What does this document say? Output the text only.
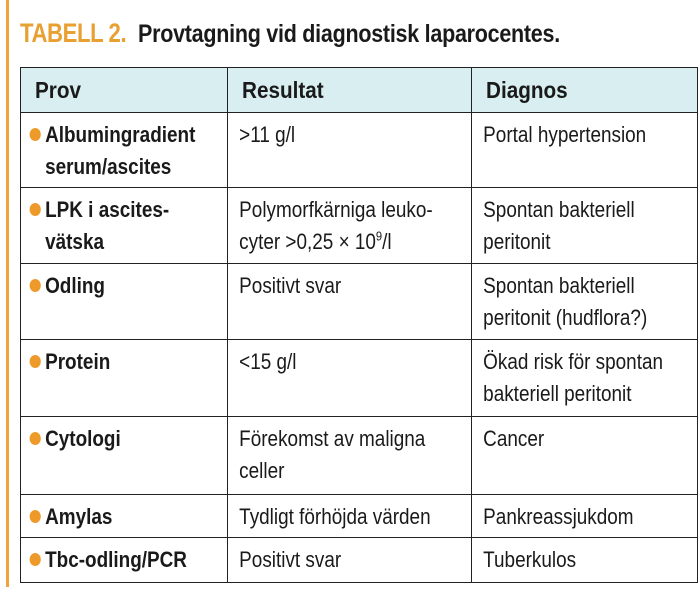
TABELL 2. Provtagning vid diagnostisk laparocentes.
Prov	Resultat	Diagnos

Albumingradient
serum/ascites	>11 g/l	Portal hypertension

LPK i ascites-
vätska	Polymorfkärniga leuko-
cyter $>0,25 \times 10^9/l$	Spontan bakteriell
peritonit

Odling	Positivt svar	Spontan bakteriell
peritonit (hudflora?)

Protein	<15 g/l	Ökad risk för spontan
bakteriell peritonit

Cytologi	Förekomst av maligna
celler	Cancer

Amylas	Tydligt förhöjda värden	Pankreassjukdom

Tbc-odling/PCR	Positivt svar	Tuberkulos
